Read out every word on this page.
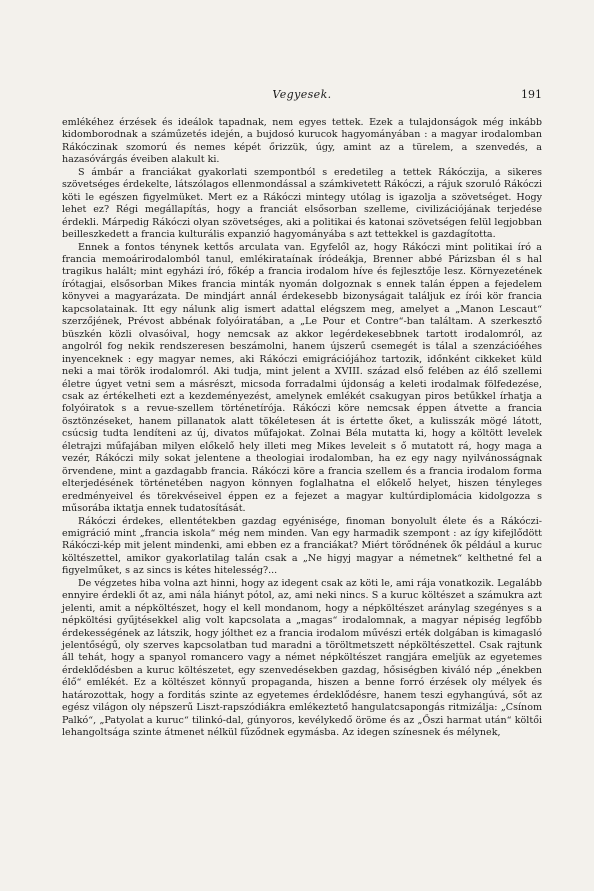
Vegyesek.	191

emlékéhez érzések és ideálok tapadnak, nem egyes tettek. Ezek a tulajdonságok még inkább kidomborodnak a száműzetés idején, a bujdosó kurucok hagyományában : a magyar irodalomban Rákóczinak szomorú és nemes képét őrizzük, úgy, amint az a türelem, a szenvedés, a hazasóvárgás éveiben alakult ki.

S ámbár a franciákat gyakorlati szempontból s eredetileg a tettek Rákóczija, a sikeres szövetséges érdekelte, látszólagos ellenmondással a számkivetett Rákóczi, a rájuk szoruló Rákóczi köti le egészen figyelmüket. Mert ez a Rákóczi mintegy utólag is igazolja a szövetséget. Hogy lehet ez? Régi megállapítás, hogy a franciát elsősorban szelleme, civilizációjának terjedése érdekli. Márpedig Rákóczi olyan szövetséges, aki a politikai és katonai szövetségen felül legjobban beilleszkedett a francia kulturális expanzió hagyományába s azt tettekkel is gazdagította.

Ennek a fontos ténynek kettős arculata van. Egyfelől az, hogy Rákóczi mint politikai író a francia memoárirodalomból tanul, emlékirataínak íródeákja, Brenner abbé Párizsban él s hal tragikus halált; mint egyházi író, főkép a francia irodalom híve és fejlesztője lesz. Környezetének írótagjai, elsősorban Mikes francia minták nyomán dolgoznak s ennek talán éppen a fejedelem könyvei a magyarázata. De mindjárt annál érdekesebb bizonyságait találjuk ez írói kör francia kapcsolatainak. Itt egy nálunk alig ismert adattal elégszem meg, amelyet a „Manon Lescaut“ szerzőjének, Prévost abbénak folyóiratában, a „Le Pour et Contre“-ban találtam. A szerkesztő büszkén közli olvasóival, hogy nemcsak az akkor legérdekesebbnek tartott irodalomról, az angolról fog nekik rendszeresen beszámolni, hanem újszerű csemegét is tálal a szenzációéhes inyenceknek : egy magyar nemes, aki Rákóczi emigrációjához tartozik, időnként cikkeket küld neki a mai török irodalomról. Aki tudja, mint jelent a XVIII. század első felében az élő szellemi életre úgyet vetni sem a másrészt, micsoda forradalmi újdonság a keleti irodalmak fölfedezése, csak az értékelheti ezt a kezdeményezést, amelynek emlékét csakugyan piros betűkkel írhatja a folyóiratok s a revue-szellem történetírója. Rákóczi köre nemcsak éppen átvette a francia ösztönzéseket, hanem pillanatok alatt tökéletesen át is értette őket, a kulisszák mögé látott, csúcsig tudta lendíteni az új, divatos műfajokat. Zolnai Béla mutatta ki, hogy a költött levelek életrajzi műfajában milyen előkelő hely illeti meg Mikes leveleit s ő mutatott rá, hogy maga a vezér, Rákóczi mily sokat jelentene a theologiai irodalomban, ha ez egy nagy nyilvánosságnak örvendene, mint a gazdagabb francia. Rákóczi köre a francia szellem és a francia irodalom forma elterjedésének történetében nagyon könnyen foglalhatna el előkelő helyet, hiszen tényleges eredményeivel és törekvéseivel éppen ez a fejezet a magyar kultúrdiplomácia kidolgozza s műsorába iktatja ennek tudatosítását.

Rákóczi érdekes, ellentétekben gazdag egyénisége, finoman bonyolult élete és a Rákóczi-emigráció mint „francia iskola“ még nem minden. Van egy harmadik szempont : az így kifejlődött Rákóczi-kép mit jelent mindenki, ami ebben ez a franciákat? Miért törődnének ők például a kuruc költészettel, amikor gyakorlatilag talán csak a „Ne higyj magyar a németnek“ kelthetné fel a figyelműket, s az sincs is kétes hitelesség?...

De végzetes hiba volna azt hinni, hogy az idegent csak az köti le, ami rája vonatkozik. Legalább ennyire érdekli őt az, ami nála hiányt pótol, az, ami neki nincs. S a kuruc költészet a számukra azt jelenti, amit a népköltészet, hogy el kell mondanom, hogy a népköltészet aránylag szegényes s a népköltési gyűjtésekkel alig volt kapcsolata a „magas“ irodalomnak, a magyar népiség legfőbb érdekességének az látszik, hogy jólthet ez a francia irodalom művészi erték dolgában is kimagasló jelentőségű, oly szerves kapcsolatban tud maradni a töröltmetszett népköltészettel. Csak rajtunk áll tehát, hogy a spanyol romancero vagy a német népköltészet rangjára emeljük az egyetemes érdeklődésben a kuruc költészetet, egy szenvedésekben gazdag, hősiségben kiváló nép „énekben élő“ emlékét. Ez a költészet könnyű propaganda, hiszen a benne forró érzések oly mélyek és határozottak, hogy a forditás szinte az egyetemes érdeklődésre, hanem teszi egyhangúvá, sőt az egész világon oly népszerű Liszt-rapszódiákra emlékeztető hangulatcsapongás ritmizálja: „Csínom Palkó“, „Patyolat a kuruc“ tilinkó-dal, gúnyoros, kevélykedő öröme és az „Őszi harmat után“ költői lehangoltsága szinte átmenet nélkül fűződnek egymásba. Az idegen színesnek és mélynek,
